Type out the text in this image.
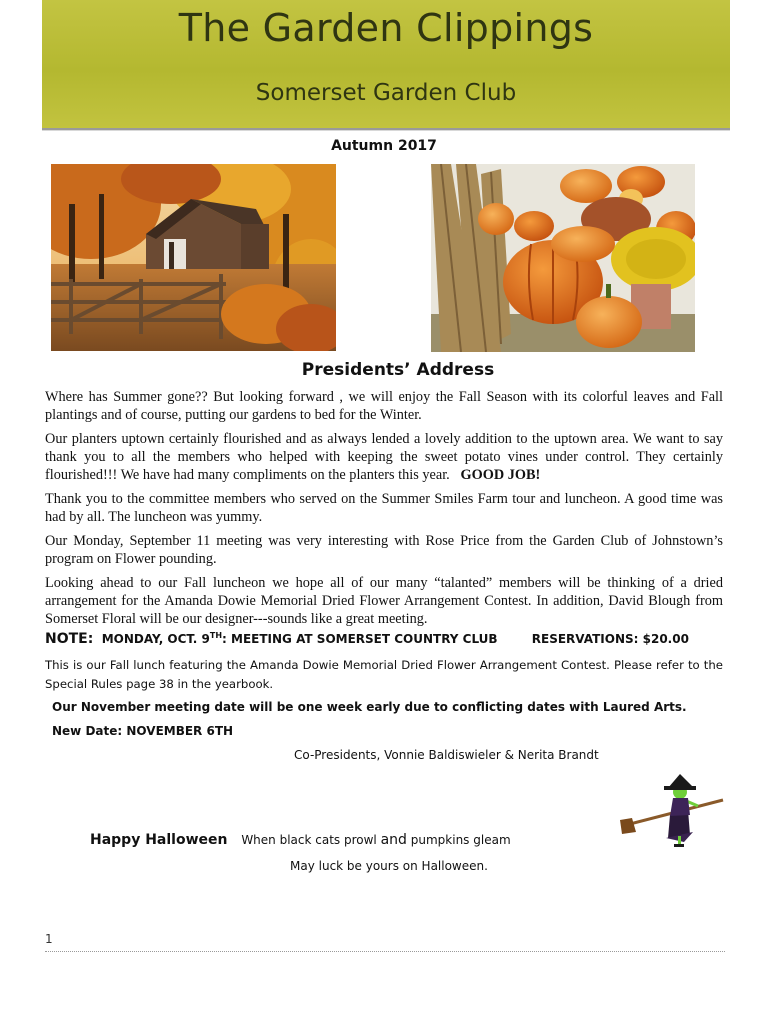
The Garden Clippings
Somerset Garden Club
Autumn 2017
Presidents’ Address

Where has Summer gone?? But looking forward , we will enjoy the Fall Season with its colorful leaves and Fall plantings and of course, putting our gardens to bed for the Winter.

Our planters uptown certainly flourished and as always lended a lovely addition to the uptown area. We want to say thank you to all the members who helped with keeping the sweet potato vines under control. They certainly flourished!!! We have had many compliments on the planters this year. GOOD JOB!

Thank you to the committee members who served on the Summer Smiles Farm tour and luncheon. A good time was had by all. The luncheon was yummy.

Our Monday, September 11 meeting was very interesting with Rose Price from the Garden Club of Johnstown’s program on Flower pounding.

Looking ahead to our Fall luncheon we hope all of our many “talanted” members will be thinking of a dried arrangement for the Amanda Dowie Memorial Dried Flower Arrangement Contest. In addition, David Blough from Somerset Floral will be our designer---sounds like a great meeting.

NOTE: MONDAY, OCT. 9TH: MEETING AT SOMERSET COUNTRY CLUB	RESERVATIONS: $20.00
This is our Fall lunch featuring the Amanda Dowie Memorial Dried Flower Arrangement Contest. Please refer to the Special Rules page 38 in the yearbook.
Our November meeting date will be one week early due to conflicting dates with Laured Arts.
New Date: NOVEMBER 6TH
Co-Presidents, Vonnie Baldiswieler & Nerita Brandt
Happy Halloween When black cats prowl and pumpkins gleam
May luck be yours on Halloween.
1
